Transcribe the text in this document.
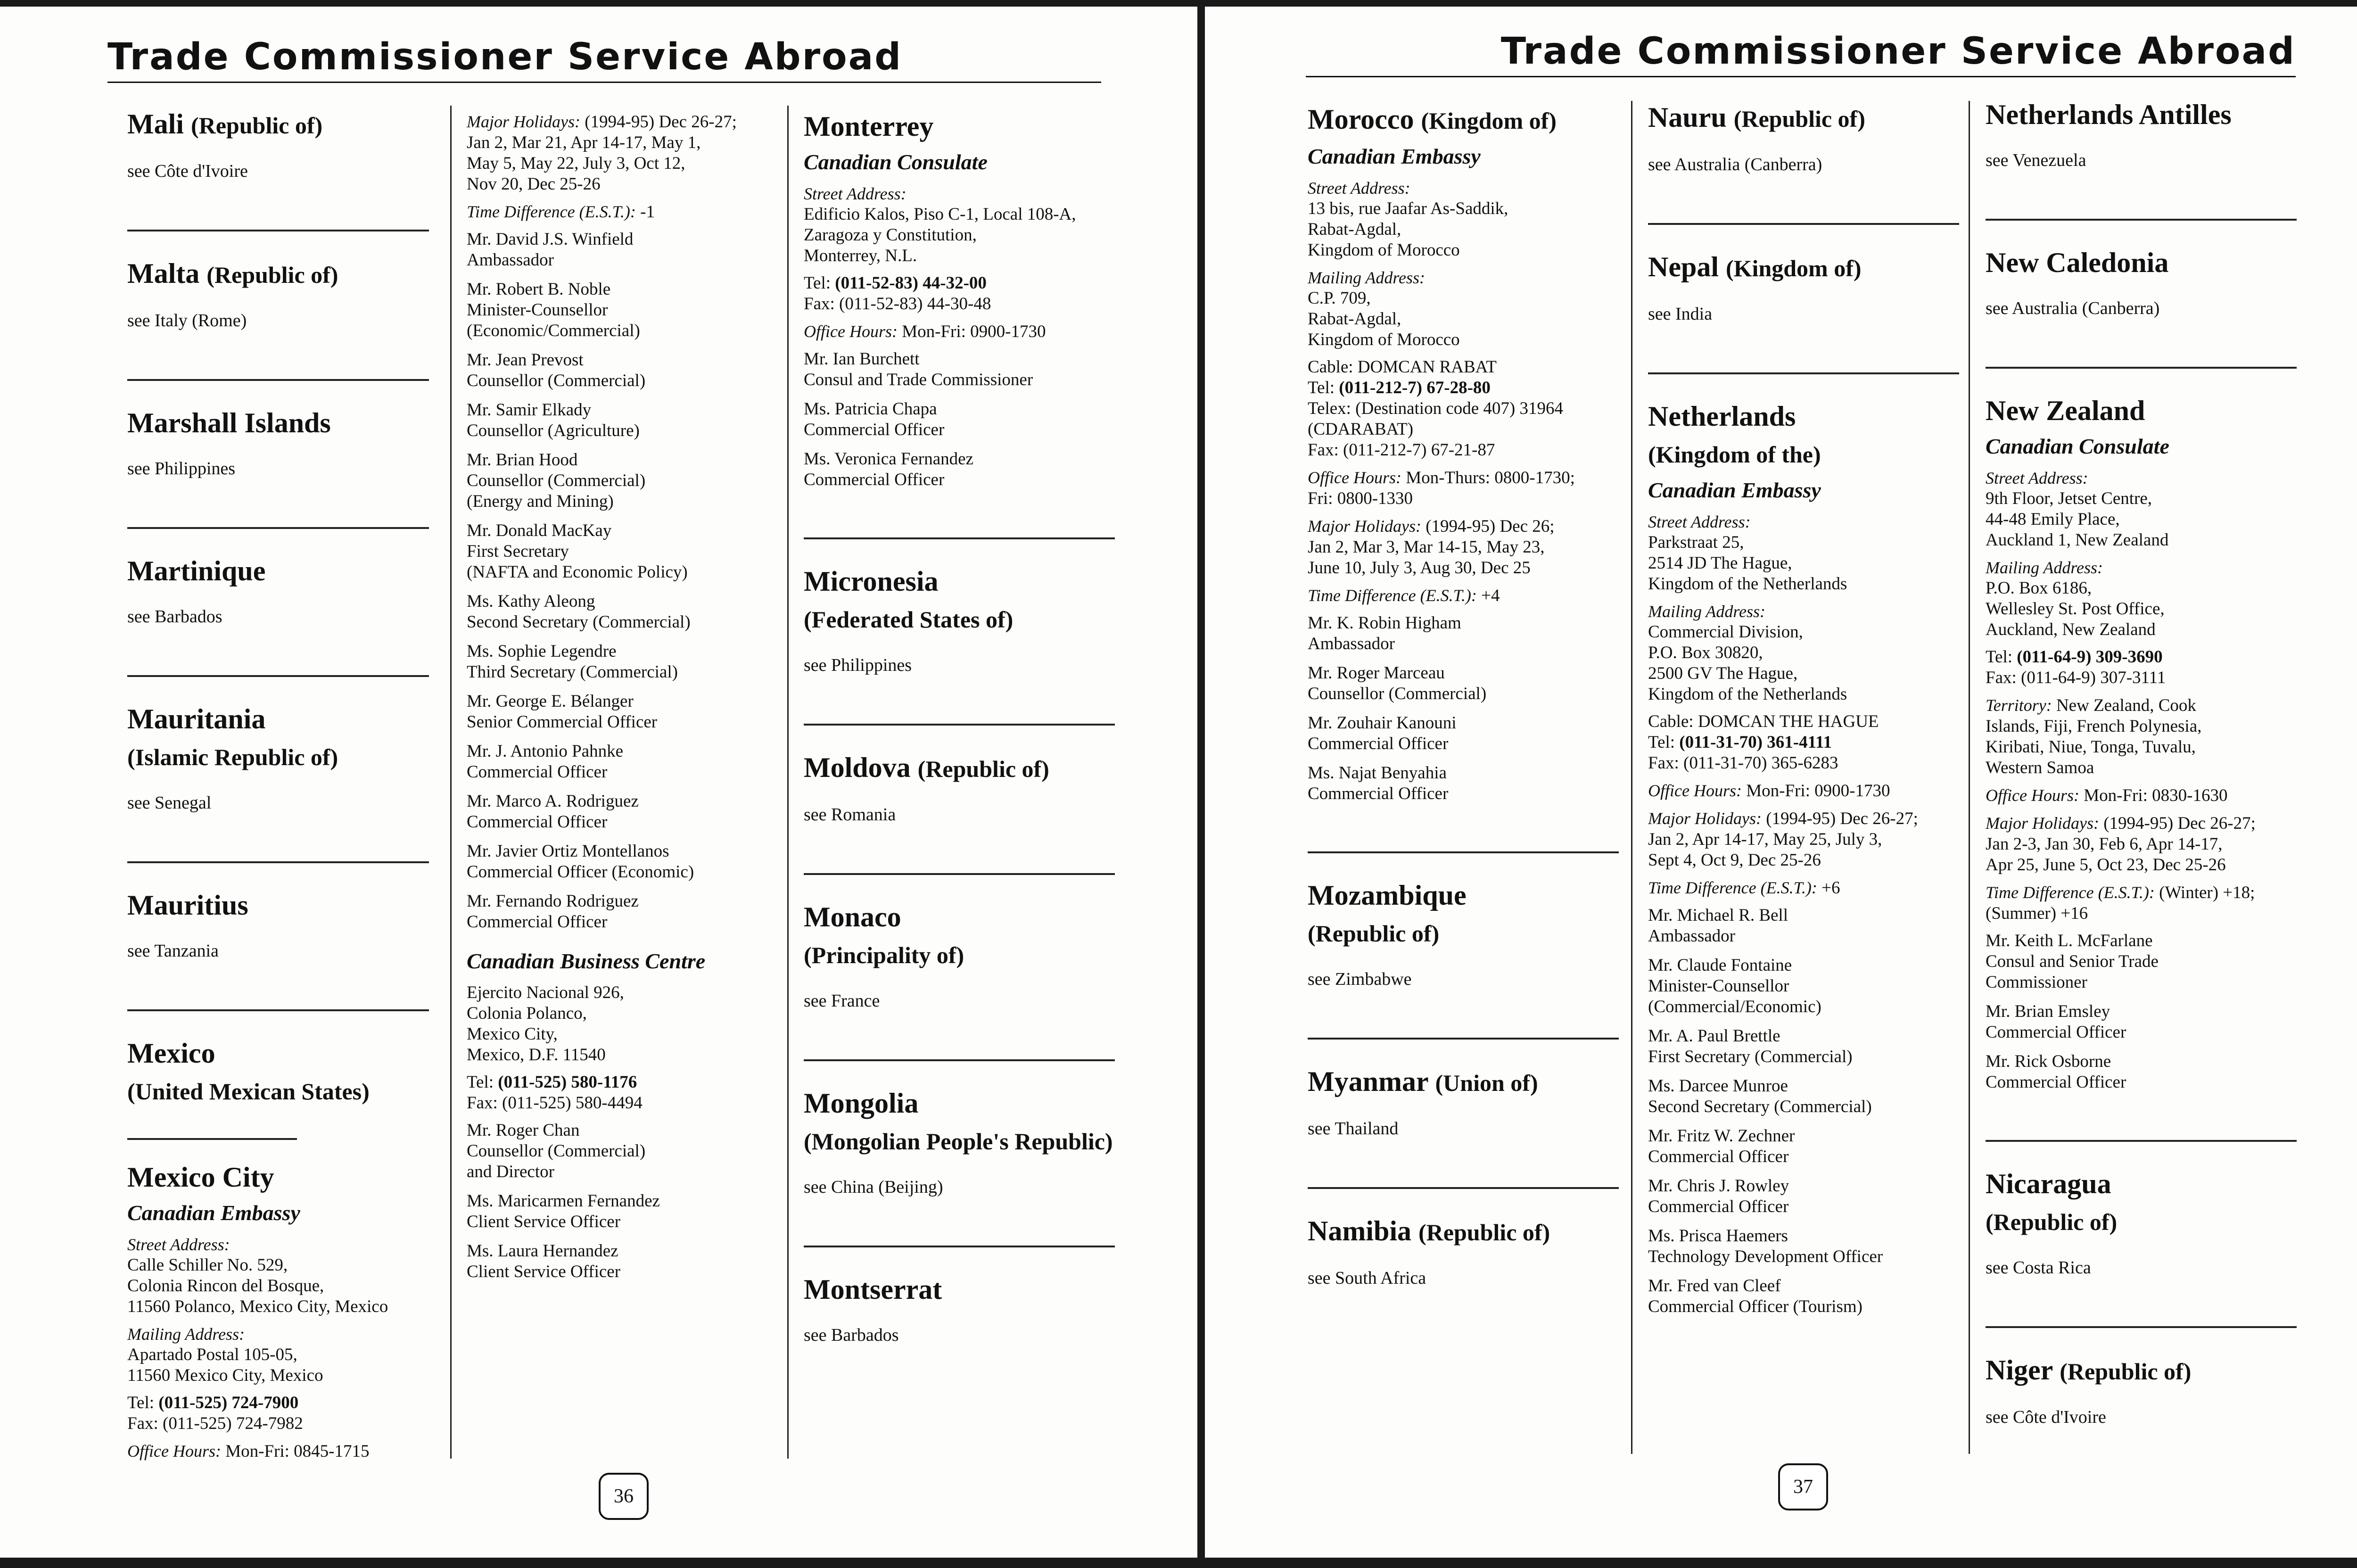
Trade Commissioner Service Abroad
Mali (Republic of)
see Côte d'Ivoire
Malta (Republic of)
see Italy (Rome)
Marshall Islands
see Philippines
Martinique
see Barbados
Mauritania
(Islamic Republic of)
see Senegal
Mauritius
see Tanzania
Mexico
(United Mexican States)
Mexico City
Canadian Embassy
Street Address:
Calle Schiller No. 529,
Colonia Rincon del Bosque,
11560 Polanco, Mexico City, Mexico
Mailing Address:
Apartado Postal 105-05,
11560 Mexico City, Mexico
Tel: (011-525) 724-7900
Fax: (011-525) 724-7982
Office Hours: Mon-Fri: 0845-1715
Major Holidays: (1994-95) Dec 26-27;
Jan 2, Mar 21, Apr 14-17, May 1,
May 5, May 22, July 3, Oct 12,
Nov 20, Dec 25-26
Time Difference (E.S.T.): -1
Mr. David J.S. Winfield
Ambassador
Mr. Robert B. Noble
Minister-Counsellor
(Economic/Commercial)
Mr. Jean Prevost
Counsellor (Commercial)
Mr. Samir Elkady
Counsellor (Agriculture)
Mr. Brian Hood
Counsellor (Commercial)
(Energy and Mining)
Mr. Donald MacKay
First Secretary
(NAFTA and Economic Policy)
Ms. Kathy Aleong
Second Secretary (Commercial)
Ms. Sophie Legendre
Third Secretary (Commercial)
Mr. George E. Bélanger
Senior Commercial Officer
Mr. J. Antonio Pahnke
Commercial Officer
Mr. Marco A. Rodriguez
Commercial Officer
Mr. Javier Ortiz Montellanos
Commercial Officer (Economic)
Mr. Fernando Rodriguez
Commercial Officer
Canadian Business Centre
Ejercito Nacional 926,
Colonia Polanco,
Mexico City,
Mexico, D.F. 11540
Tel: (011-525) 580-1176
Fax: (011-525) 580-4494
Mr. Roger Chan
Counsellor (Commercial)
and Director
Ms. Maricarmen Fernandez
Client Service Officer
Ms. Laura Hernandez
Client Service Officer
Monterrey
Canadian Consulate
Street Address:
Edificio Kalos, Piso C-1, Local 108-A,
Zaragoza y Constitution,
Monterrey, N.L.
Tel: (011-52-83) 44-32-00
Fax: (011-52-83) 44-30-48
Office Hours: Mon-Fri: 0900-1730
Mr. Ian Burchett
Consul and Trade Commissioner
Ms. Patricia Chapa
Commercial Officer
Ms. Veronica Fernandez
Commercial Officer
Micronesia
(Federated States of)
see Philippines
Moldova (Republic of)
see Romania
Monaco
(Principality of)
see France
Mongolia
(Mongolian People's Republic)
see China (Beijing)
Montserrat
see Barbados
36
Trade Commissioner Service Abroad
Morocco (Kingdom of)
Canadian Embassy
Street Address:
13 bis, rue Jaafar As-Saddik,
Rabat-Agdal,
Kingdom of Morocco
Mailing Address:
C.P. 709,
Rabat-Agdal,
Kingdom of Morocco
Cable: DOMCAN RABAT
Tel: (011-212-7) 67-28-80
Telex: (Destination code 407) 31964
(CDARABAT)
Fax: (011-212-7) 67-21-87
Office Hours: Mon-Thurs: 0800-1730;
Fri: 0800-1330
Major Holidays: (1994-95) Dec 26;
Jan 2, Mar 3, Mar 14-15, May 23,
June 10, July 3, Aug 30, Dec 25
Time Difference (E.S.T.): +4
Mr. K. Robin Higham
Ambassador
Mr. Roger Marceau
Counsellor (Commercial)
Mr. Zouhair Kanouni
Commercial Officer
Ms. Najat Benyahia
Commercial Officer
Mozambique
(Republic of)
see Zimbabwe
Myanmar (Union of)
see Thailand
Namibia (Republic of)
see South Africa
Nauru (Republic of)
see Australia (Canberra)
Nepal (Kingdom of)
see India
Netherlands
(Kingdom of the)
Canadian Embassy
Street Address:
Parkstraat 25,
2514 JD The Hague,
Kingdom of the Netherlands
Mailing Address:
Commercial Division,
P.O. Box 30820,
2500 GV The Hague,
Kingdom of the Netherlands
Cable: DOMCAN THE HAGUE
Tel: (011-31-70) 361-4111
Fax: (011-31-70) 365-6283
Office Hours: Mon-Fri: 0900-1730
Major Holidays: (1994-95) Dec 26-27;
Jan 2, Apr 14-17, May 25, July 3,
Sept 4, Oct 9, Dec 25-26
Time Difference (E.S.T.): +6
Mr. Michael R. Bell
Ambassador
Mr. Claude Fontaine
Minister-Counsellor
(Commercial/Economic)
Mr. A. Paul Brettle
First Secretary (Commercial)
Ms. Darcee Munroe
Second Secretary (Commercial)
Mr. Fritz W. Zechner
Commercial Officer
Mr. Chris J. Rowley
Commercial Officer
Ms. Prisca Haemers
Technology Development Officer
Mr. Fred van Cleef
Commercial Officer (Tourism)
Netherlands Antilles
see Venezuela
New Caledonia
see Australia (Canberra)
New Zealand
Canadian Consulate
Street Address:
9th Floor, Jetset Centre,
44-48 Emily Place,
Auckland 1, New Zealand
Mailing Address:
P.O. Box 6186,
Wellesley St. Post Office,
Auckland, New Zealand
Tel: (011-64-9) 309-3690
Fax: (011-64-9) 307-3111
Territory: New Zealand, Cook
Islands, Fiji, French Polynesia,
Kiribati, Niue, Tonga, Tuvalu,
Western Samoa
Office Hours: Mon-Fri: 0830-1630
Major Holidays: (1994-95) Dec 26-27;
Jan 2-3, Jan 30, Feb 6, Apr 14-17,
Apr 25, June 5, Oct 23, Dec 25-26
Time Difference (E.S.T.): (Winter) +18;
(Summer) +16
Mr. Keith L. McFarlane
Consul and Senior Trade
Commissioner
Mr. Brian Emsley
Commercial Officer
Mr. Rick Osborne
Commercial Officer
Nicaragua
(Republic of)
see Costa Rica
Niger (Republic of)
see Côte d'Ivoire
37
